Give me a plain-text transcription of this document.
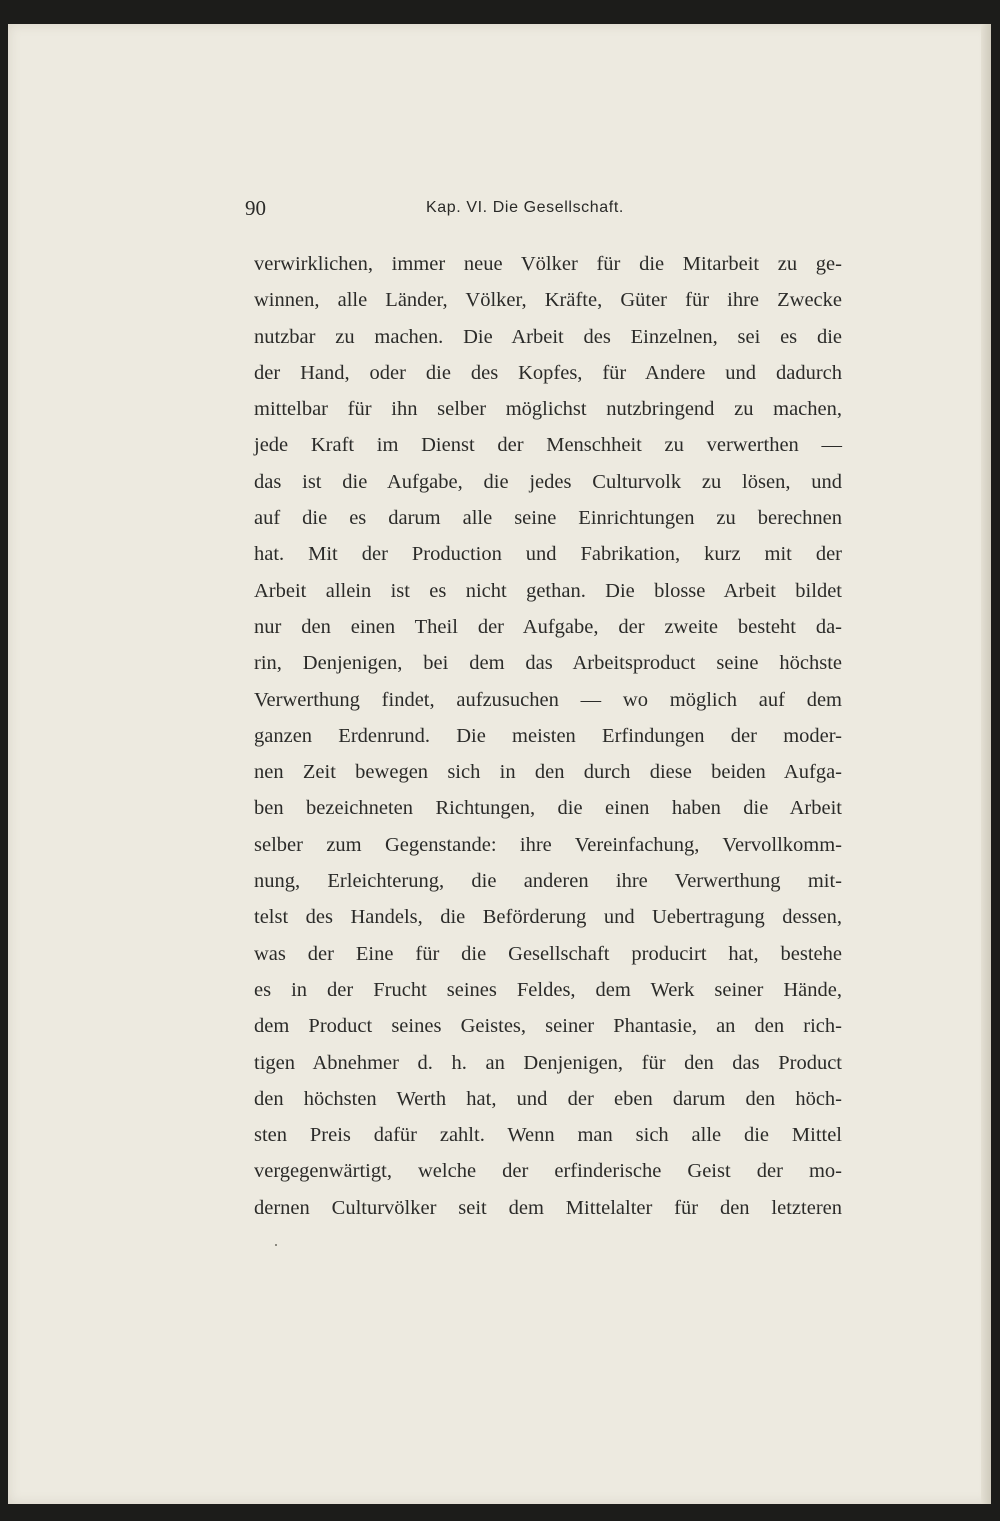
90	Kap. VI. Die Gesellschaft.
verwirklichen, immer neue Völker für die Mitarbeit zu ge-
winnen, alle Länder, Völker, Kräfte, Güter für ihre Zwecke
nutzbar zu machen. Die Arbeit des Einzelnen, sei es die
der Hand, oder die des Kopfes, für Andere und dadurch
mittelbar für ihn selber möglichst nutzbringend zu machen,
jede Kraft im Dienst der Menschheit zu verwerthen —
das ist die Aufgabe, die jedes Culturvolk zu lösen, und
auf die es darum alle seine Einrichtungen zu berechnen
hat. Mit der Production und Fabrikation, kurz mit der
Arbeit allein ist es nicht gethan. Die blosse Arbeit bildet
nur den einen Theil der Aufgabe, der zweite besteht da-
rin, Denjenigen, bei dem das Arbeitsproduct seine höchste
Verwerthung findet, aufzusuchen — wo möglich auf dem
ganzen Erdenrund. Die meisten Erfindungen der moder-
nen Zeit bewegen sich in den durch diese beiden Aufga-
ben bezeichneten Richtungen, die einen haben die Arbeit
selber zum Gegenstande: ihre Vereinfachung, Vervollkomm-
nung, Erleichterung, die anderen ihre Verwerthung mit-
telst des Handels, die Beförderung und Uebertragung dessen,
was der Eine für die Gesellschaft producirt hat, bestehe
es in der Frucht seines Feldes, dem Werk seiner Hände,
dem Product seines Geistes, seiner Phantasie, an den rich-
tigen Abnehmer d. h. an Denjenigen, für den das Product
den höchsten Werth hat, und der eben darum den höch-
sten Preis dafür zahlt. Wenn man sich alle die Mittel
vergegenwärtigt, welche der erfinderische Geist der mo-
dernen Culturvölker seit dem Mittelalter für den letzteren
